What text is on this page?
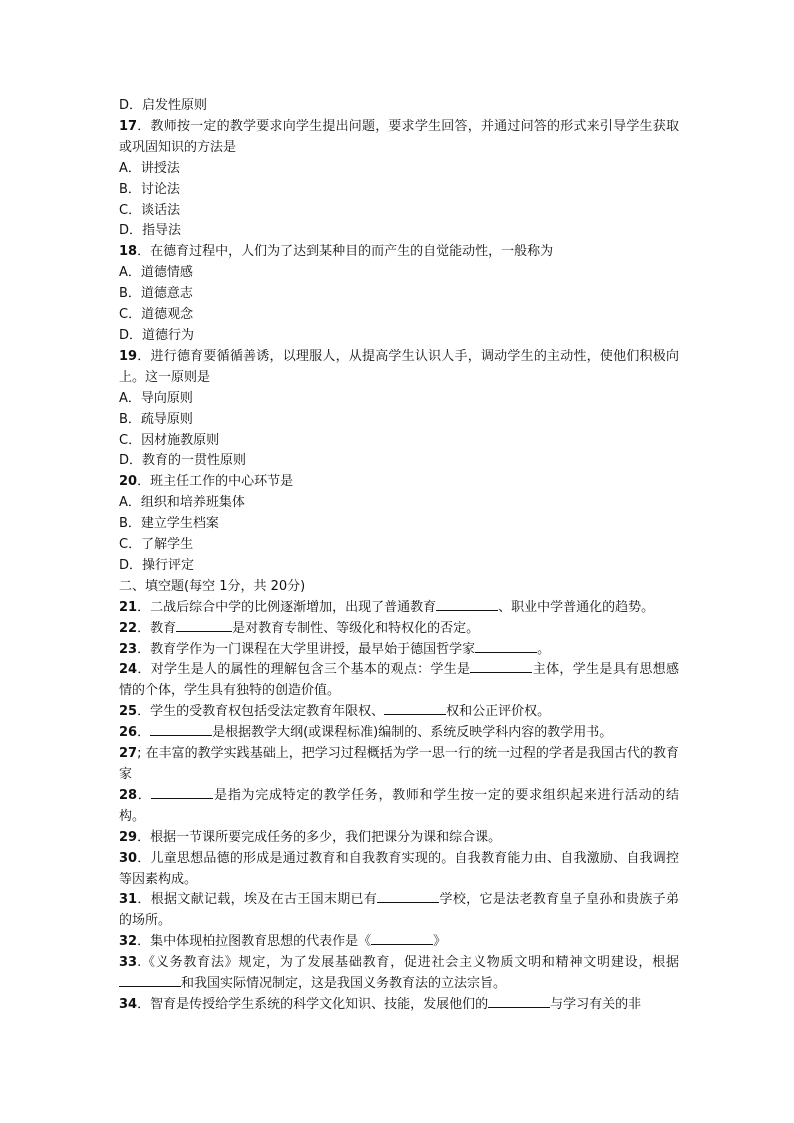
D．启发性原则
17．教师按一定的教学要求向学生提出问题，要求学生回答，并通过问答的形式来引导学生获取或巩固知识的方法是
A．讲授法
B．讨论法
C．谈话法
D．指导法
18．在德育过程中，人们为了达到某种目的而产生的自觉能动性，一般称为
A．道德情感
B．道德意志
C．道德观念
D．道德行为
19．进行德育要循循善诱，以理服人，从提高学生认识人手，调动学生的主动性，使他们积极向上。这一原则是
A．导向原则
B．疏导原则
C．因材施教原则
D．教育的一贯性原则
20．班主任工作的中心环节是
A．组织和培养班集体
B．建立学生档案
C．了解学生
D．操行评定
二、填空题(每空 1分，共 20分)
21．二战后综合中学的比例逐渐增加，出现了普通教育	、职业中学普通化的趋势。
22．教育	是对教育专制性、等级化和特权化的否定。
23．教育学作为一门课程在大学里讲授，最早始于德国哲学家	。
24．对学生是人的属性的理解包含三个基本的观点：学生是	主体，学生是具有思想感情的个体，学生具有独特的创造价值。
25．学生的受教育权包括受法定教育年限权、	权和公正评价权。
26．	是根据教学大纲(或课程标准)编制的、系统反映学科内容的教学用书。
27; 在丰富的教学实践基础上，把学习过程概括为学一思一行的统一过程的学者是我国古代的教育家
28．	是指为完成特定的教学任务，教师和学生按一定的要求组织起来进行活动的结构。
29．根据一节课所要完成任务的多少，我们把课分为课和综合课。
30．儿童思想品德的形成是通过教育和自我教育实现的。自我教育能力由、自我激励、自我调控等因素构成。
31．根据文献记载，埃及在古王国末期已有	学校，它是法老教育皇子皇孙和贵族子弟的场所。
32．集中体现柏拉图教育思想的代表作是《	》
33.《义务教育法》规定，为了发展基础教育，促进社会主义物质文明和精神文明建设，根据和我国实际情况制定，这是我国义务教育法的立法宗旨。
34．智育是传授给学生系统的科学文化知识、技能，发展他们的	与学习有关的非
